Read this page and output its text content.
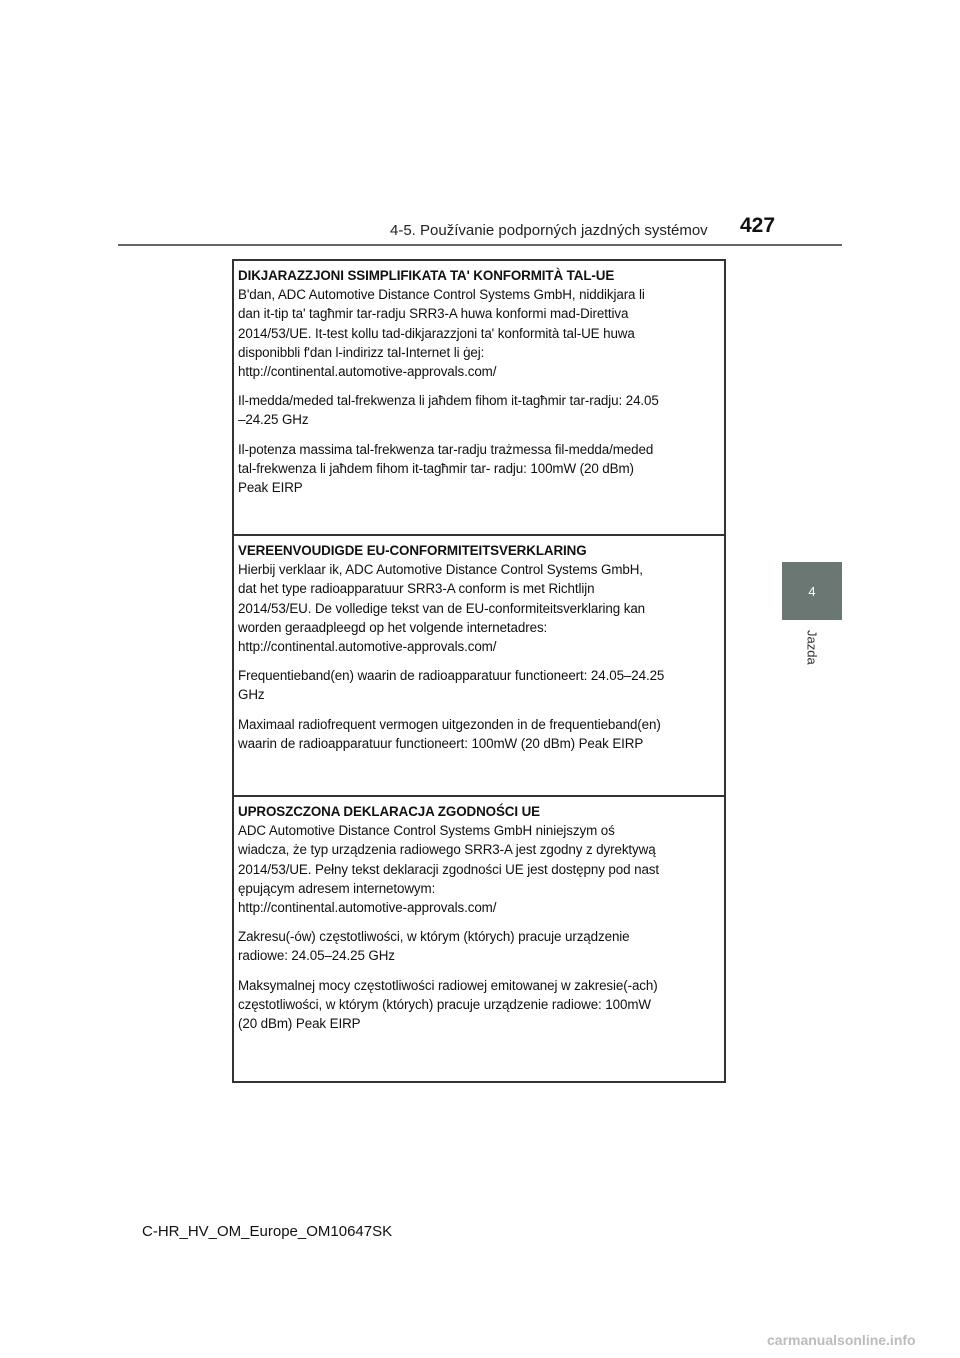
4-5. Používanie podporných jazdných systémov 427
4
Jazda
DIKJARAZZJONI SSIMPLIFIKATA TA' KONFORMITÀ TAL-UE
B'dan, ADC Automotive Distance Control Systems GmbH, niddikjara li
dan it-tip ta' tagħmir tar-radju SRR3-A huwa konformi mad-Direttiva
2014/53/UE. It-test kollu tad-dikjarazzjoni ta' konformità tal-UE huwa
disponibbli f'dan l-indirizz tal-Internet li ġej:
http://continental.automotive-approvals.com/
Il-medda/meded tal-frekwenza li jaħdem fihom it-tagħmir tar-radju: 24.05
–24.25 GHz
Il-potenza massima tal-frekwenza tar-radju trażmessa fil-medda/meded
tal-frekwenza li jaħdem fihom it-tagħmir tar- radju: 100mW (20 dBm)
Peak EIRP
VEREENVOUDIGDE EU-CONFORMITEITSVERKLARING
Hierbij verklaar ik, ADC Automotive Distance Control Systems GmbH,
dat het type radioapparatuur SRR3-A conform is met Richtlijn
2014/53/EU. De volledige tekst van de EU-conformiteitsverklaring kan
worden geraadpleegd op het volgende internetadres:
http://continental.automotive-approvals.com/
Frequentieband(en) waarin de radioapparatuur functioneert: 24.05–24.25
GHz
Maximaal radiofrequent vermogen uitgezonden in de frequentieband(en)
waarin de radioapparatuur functioneert: 100mW (20 dBm) Peak EIRP
UPROSZCZONA DEKLARACJA ZGODNOŚCI UE
ADC Automotive Distance Control Systems GmbH niniejszym oś
wiadcza, że typ urządzenia radiowego SRR3-A jest zgodny z dyrektywą
2014/53/UE. Pełny tekst deklaracji zgodności UE jest dostępny pod nast
ępującym adresem internetowym:
http://continental.automotive-approvals.com/
Zakresu(-ów) częstotliwości, w którym (których) pracuje urządzenie
radiowe: 24.05–24.25 GHz
Maksymalnej mocy częstotliwości radiowej emitowanej w zakresie(-ach)
częstotliwości, w którym (których) pracuje urządzenie radiowe: 100mW
(20 dBm) Peak EIRP
C-HR_HV_OM_Europe_OM10647SK
carmanualsonline.info
